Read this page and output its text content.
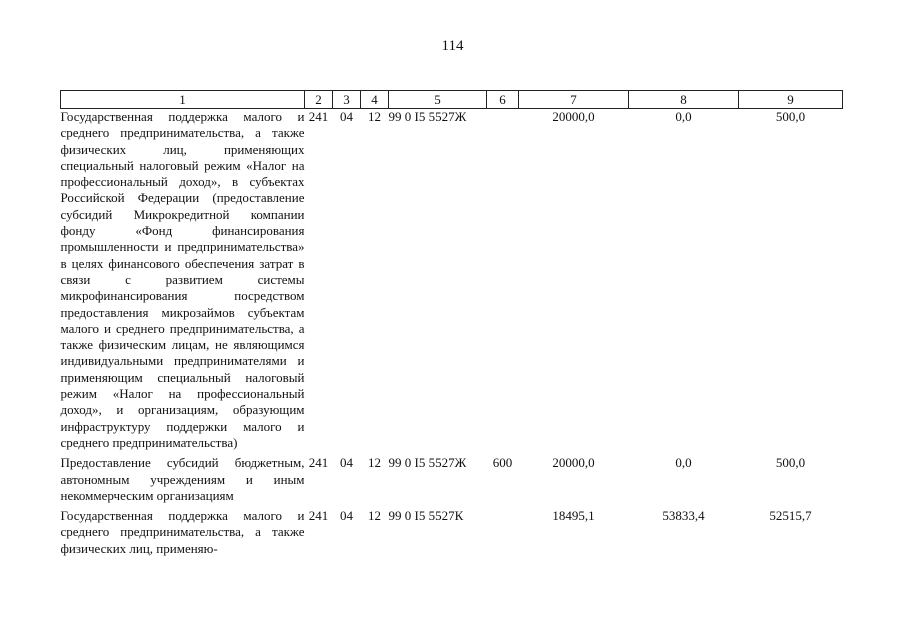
114
1	2	3	4	5	6	7	8	9
Государственная поддержка малого и среднего предпринимательства, а также физических лиц, применяющих специальный налоговый режим «Налог на профессиональный доход», в субъектах Российской Федерации (предоставление субсидий Микрокредитной компании фонду «Фонд финансирования промышленности и предпринимательства» в целях финансового обеспечения затрат в связи с развитием системы микрофинансирования посредством предоставления микрозаймов субъектам малого и среднего предпринимательства, а также физическим лицам, не являющимся индивидуальными предпринимателями и применяющим специальный налоговый режим «Налог на профессиональный доход», и организациям, образующим инфраструктуру поддержки малого и среднего предпринимательства)	241	04	12	99 0 I5 5527Ж		20000,0	0,0	500,0
Предоставление субсидий бюджетным, автономным учреждениям и иным некоммерческим организациям	241	04	12	99 0 I5 5527Ж	600	20000,0	0,0	500,0
Государственная поддержка малого и среднего предпринимательства, а также физических лиц, применяю-	241	04	12	99 0 I5 5527К		18495,1	53833,4	52515,7
